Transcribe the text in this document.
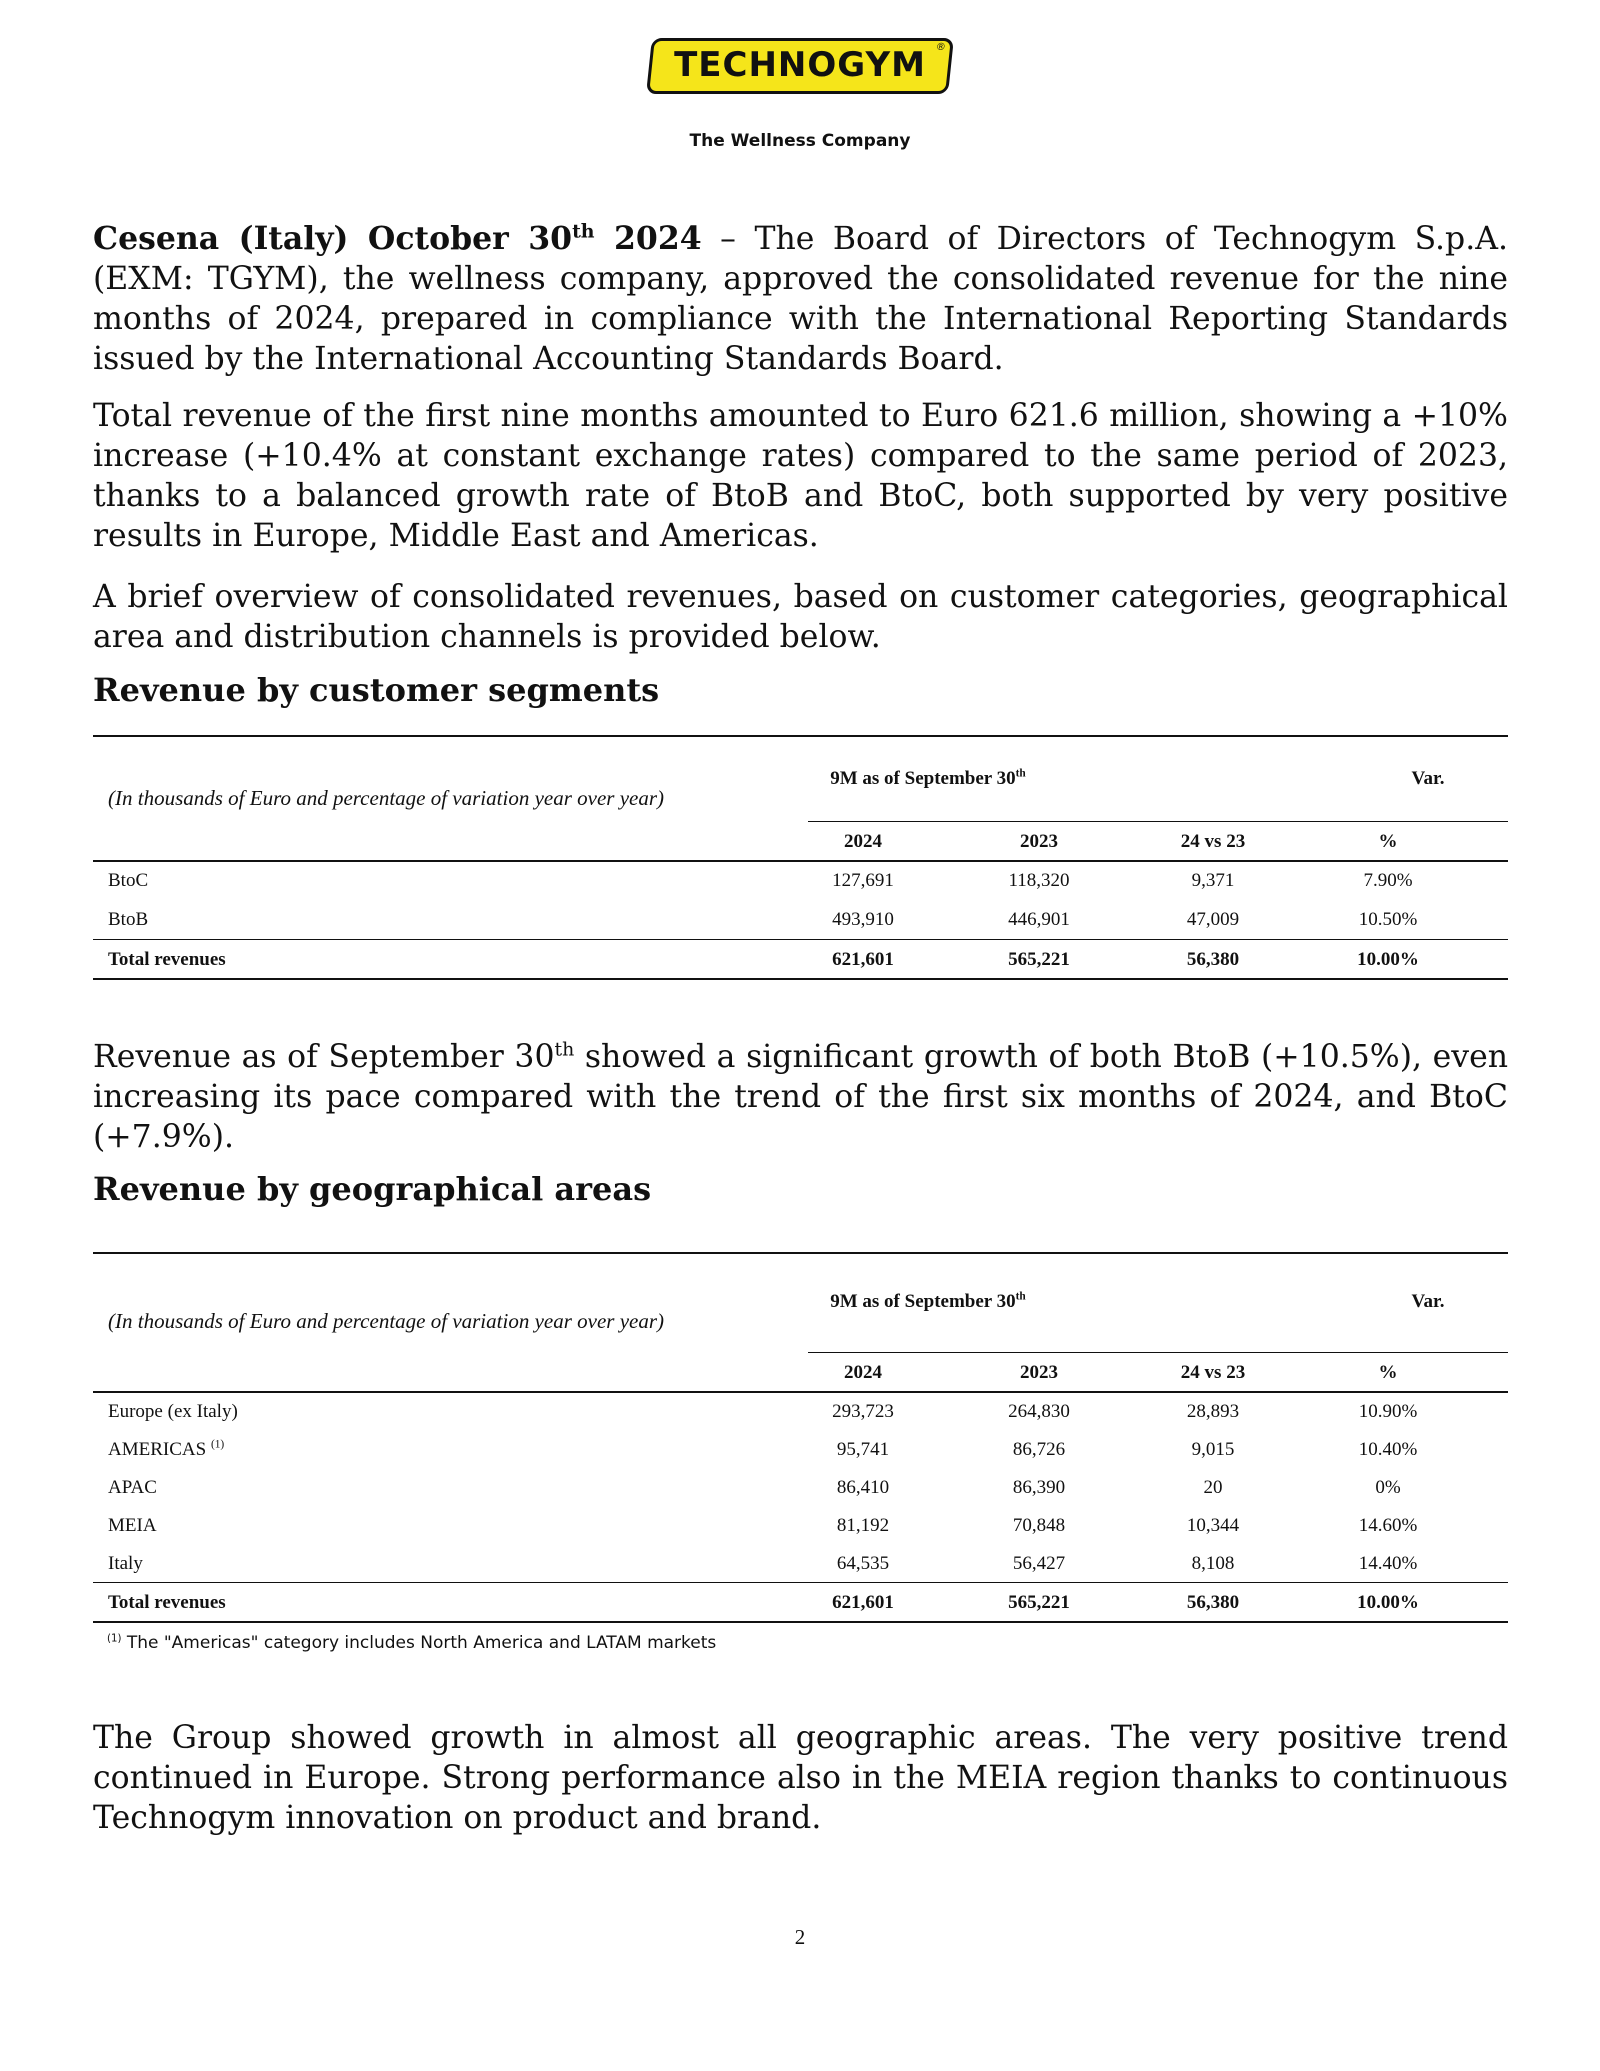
TECHNOGYM ®
The Wellness Company

Cesena (Italy) October 30th 2024 – The Board of Directors of Technogym S.p.A. (EXM: TGYM), the wellness company, approved the consolidated revenue for the nine months of 2024, prepared in compliance with the International Reporting Standards issued by the International Accounting Standards Board.

Total revenue of the first nine months amounted to Euro 621.6 million, showing a +10% increase (+10.4% at constant exchange rates) compared to the same period of 2023, thanks to a balanced growth rate of BtoB and BtoC, both supported by very positive results in Europe, Middle East and Americas.

A brief overview of consolidated revenues, based on customer categories, geographical area and distribution channels is provided below.

Revenue by customer segments
(In thousands of Euro and percentage of variation year over year)
9M as of September 30th	Var.
2024	2023	24 vs 23	%
BtoC	127,691	118,320	9,371	7.90%
BtoB	493,910	446,901	47,009	10.50%
Total revenues	621,601	565,221	56,380	10.00%

Revenue as of September 30th showed a significant growth of both BtoB (+10.5%), even increasing its pace compared with the trend of the first six months of 2024, and BtoC (+7.9%).

Revenue by geographical areas
(In thousands of Euro and percentage of variation year over year)
9M as of September 30th	Var.
2024	2023	24 vs 23	%
Europe (ex Italy)	293,723	264,830	28,893	10.90%
AMERICAS $^{(1)}$	95,741	86,726	9,015	10.40%
APAC	86,410	86,390	20	0%
MEIA	81,192	70,848	10,344	14.60%
Italy	64,535	56,427	8,108	14.40%
Total revenues	621,601	565,221	56,380	10.00%
$^{(1)}$ The "Americas" category includes North America and LATAM markets

The Group showed growth in almost all geographic areas. The very positive trend continued in Europe. Strong performance also in the MEIA region thanks to continuous Technogym innovation on product and brand.

2
